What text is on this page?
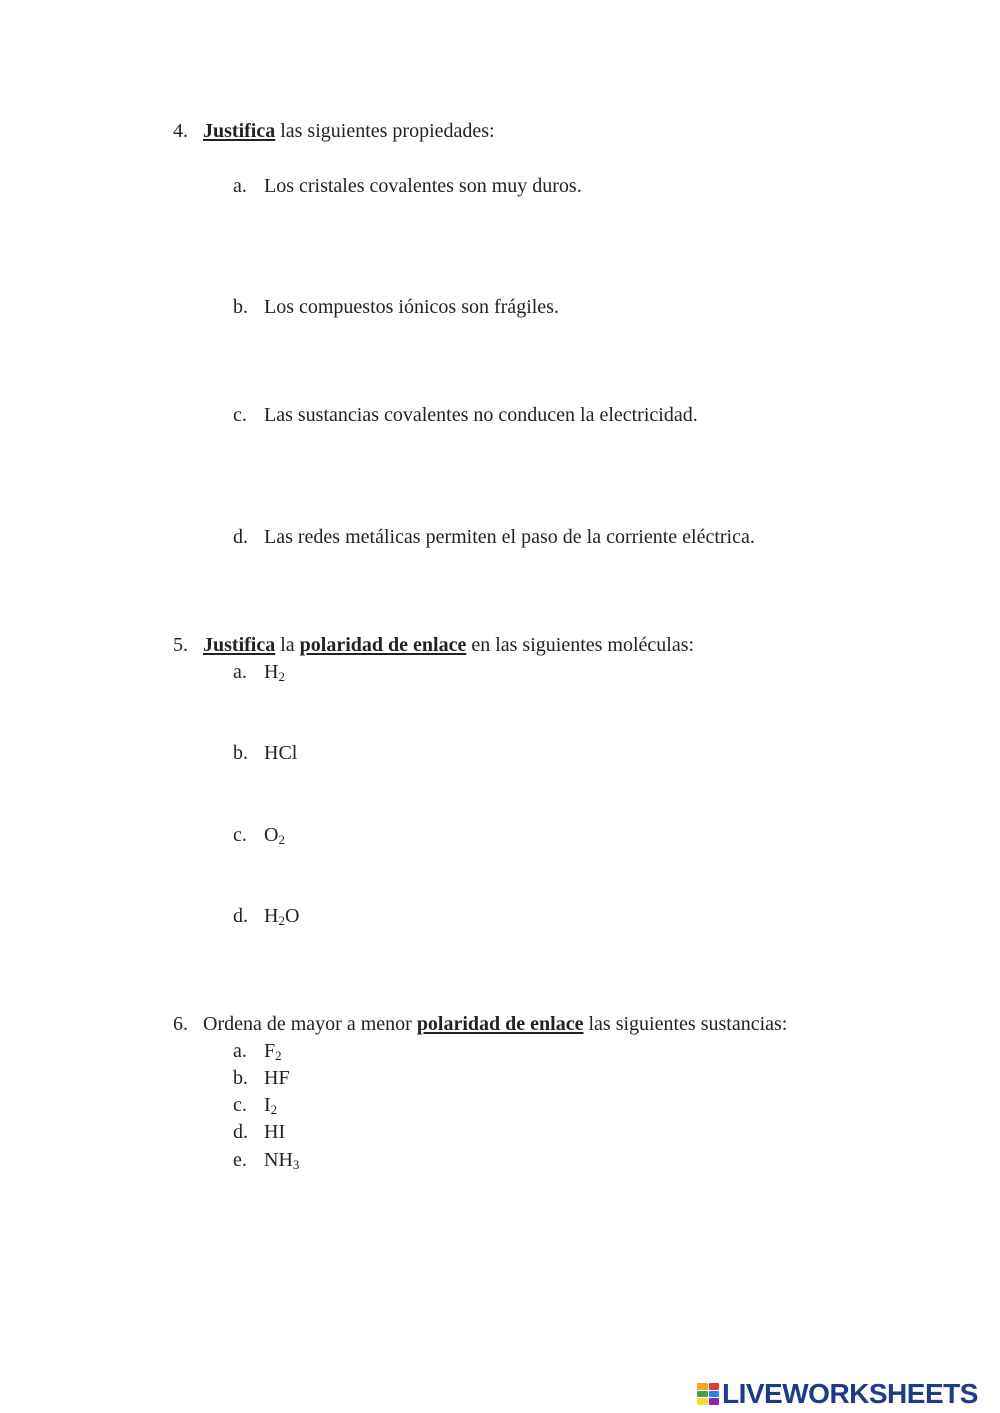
4. Justifica las siguientes propiedades:
a. Los cristales covalentes son muy duros.
b. Los compuestos iónicos son frágiles.
c. Las sustancias covalentes no conducen la electricidad.
d. Las redes metálicas permiten el paso de la corriente eléctrica.
5. Justifica la polaridad de enlace en las siguientes moléculas:
a. $H_2$
b. HCl
c. $O_2$
d. $H_2O$
6. Ordena de mayor a menor polaridad de enlace las siguientes sustancias:
a. $F_2$
b. HF
c. $I_2$
d. HI
e. $NH_3$
LIVEWORKSHEETS
